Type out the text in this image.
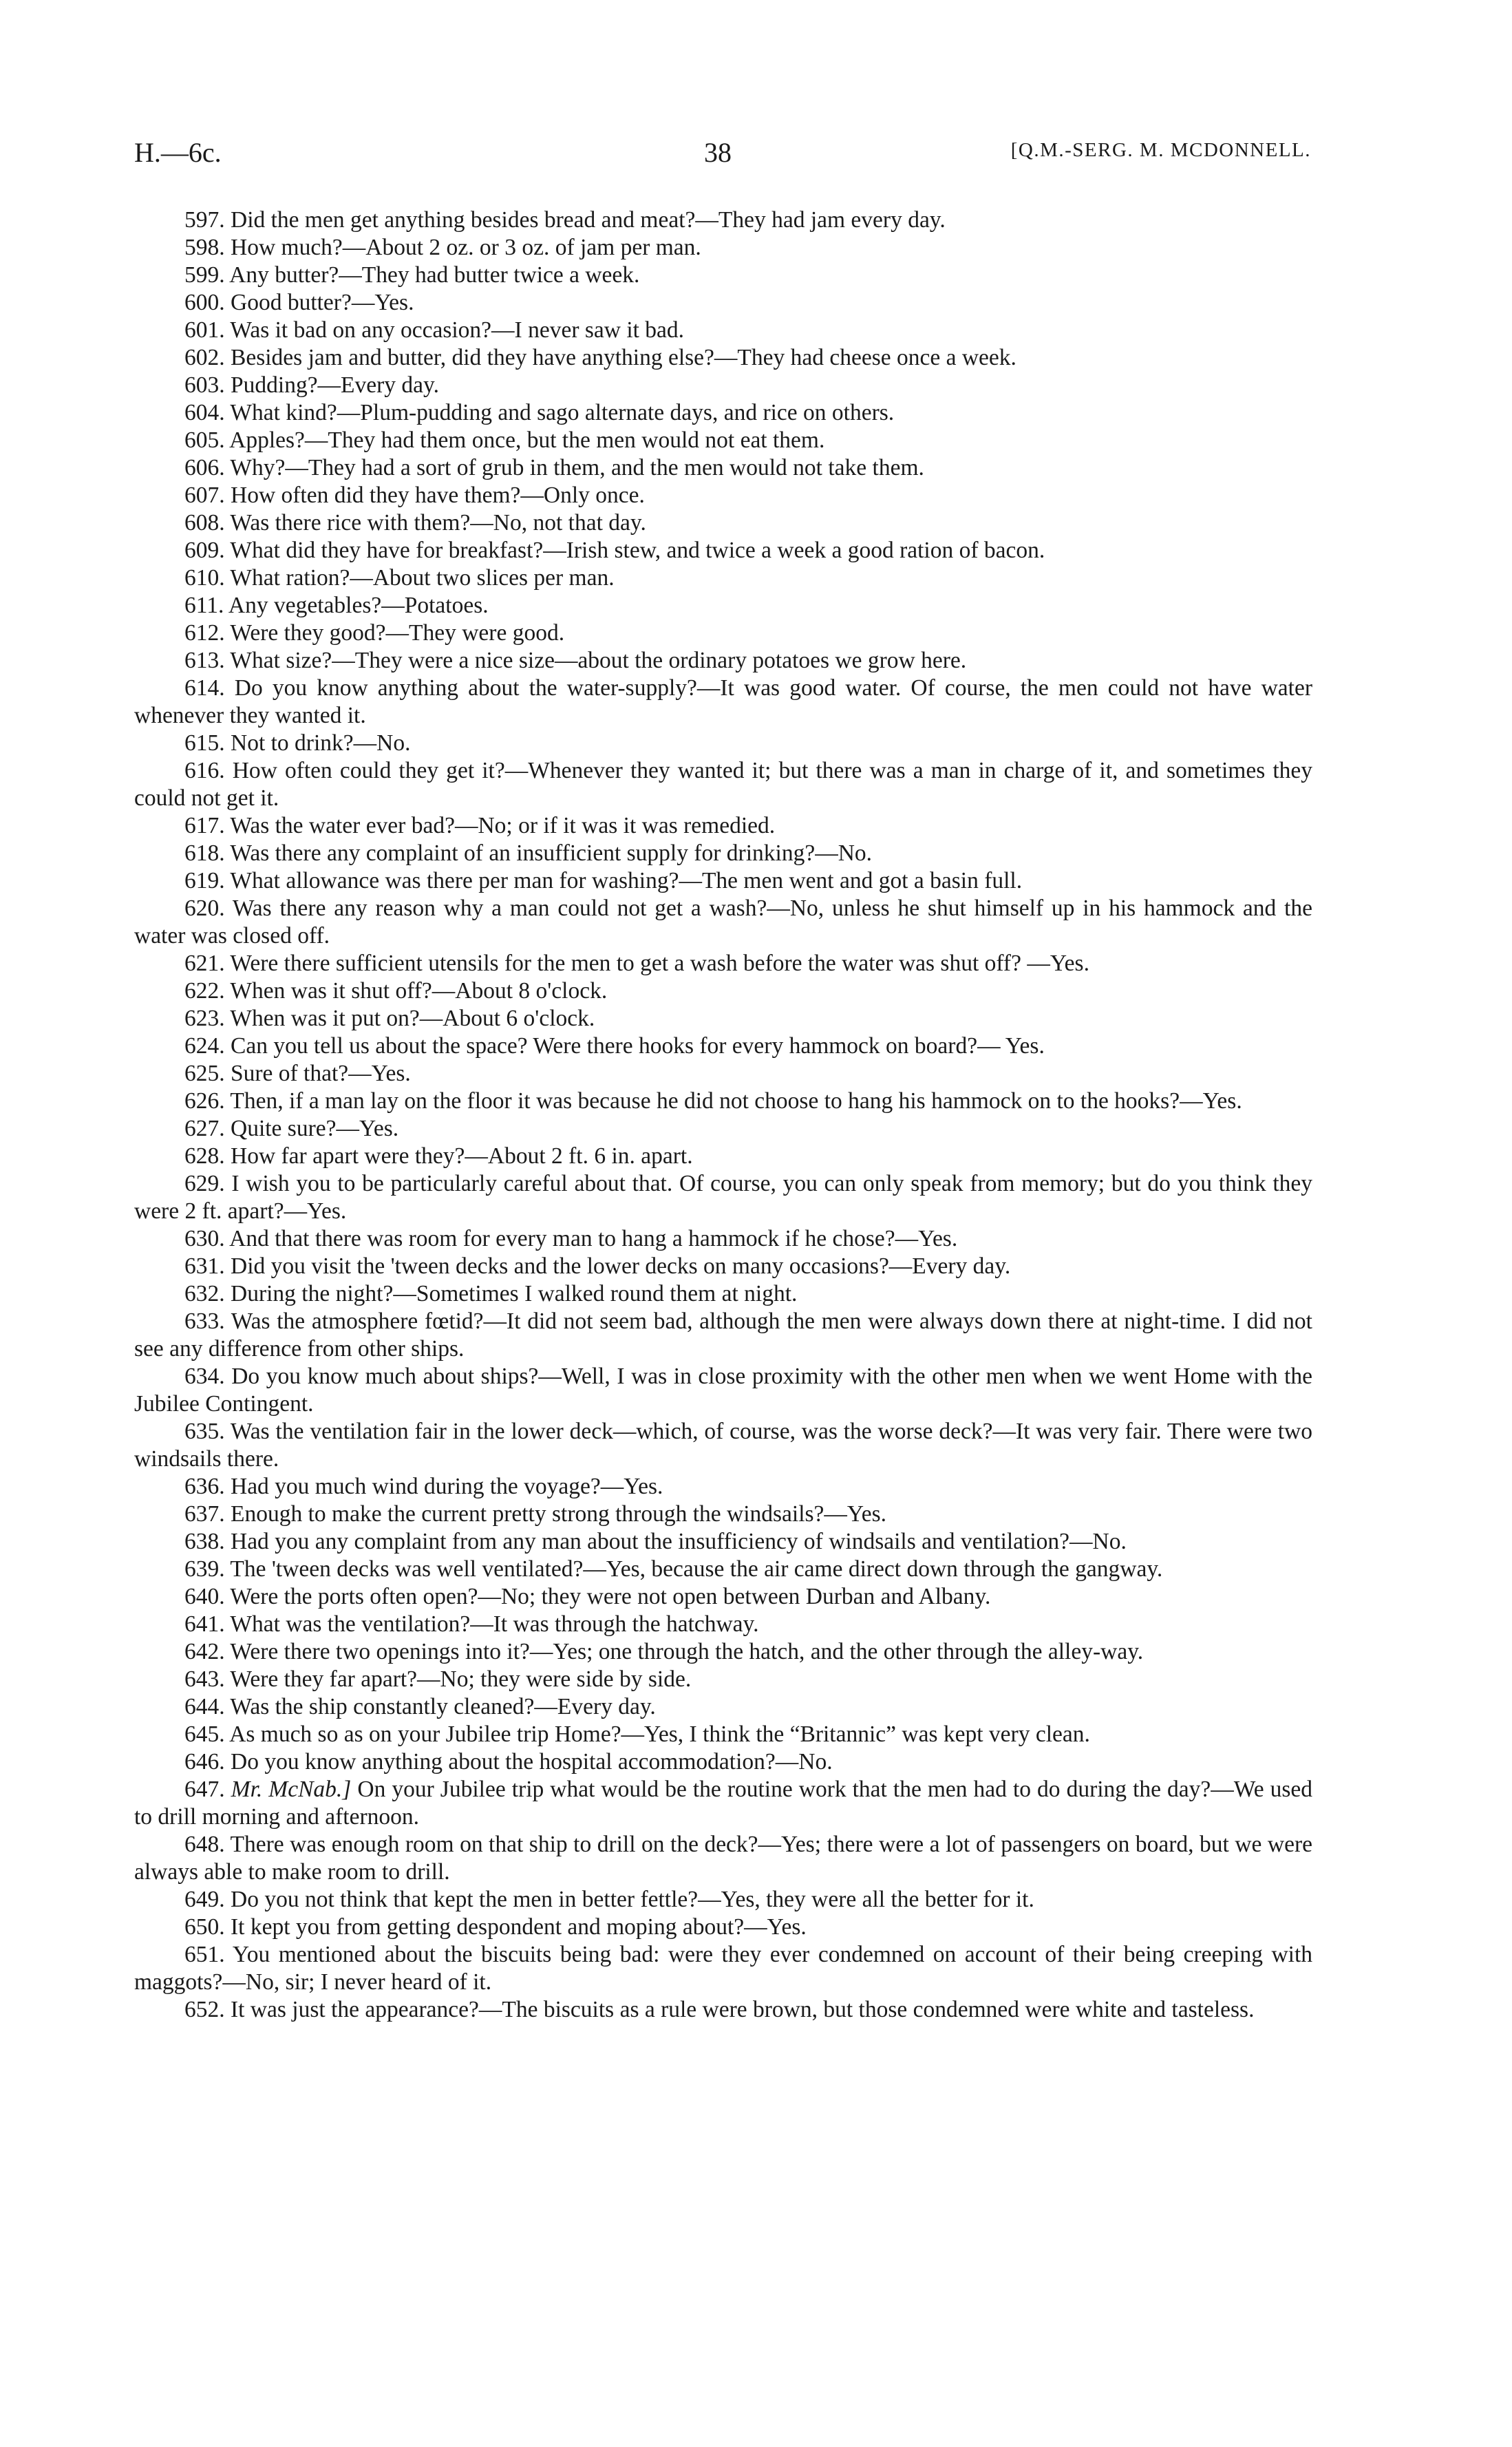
H.—6c.	38	[Q.M.-SERG. M. MCDONNELL.

597. Did the men get anything besides bread and meat?—They had jam every day.

598. How much?—About 2 oz. or 3 oz. of jam per man.

599. Any butter?—They had butter twice a week.

600. Good butter?—Yes.

601. Was it bad on any occasion?—I never saw it bad.

602. Besides jam and butter, did they have anything else?—They had cheese once a week.

603. Pudding?—Every day.

604. What kind?—Plum-pudding and sago alternate days, and rice on others.

605. Apples?—They had them once, but the men would not eat them.

606. Why?—They had a sort of grub in them, and the men would not take them.

607. How often did they have them?—Only once.

608. Was there rice with them?—No, not that day.

609. What did they have for breakfast?—Irish stew, and twice a week a good ration of bacon.

610. What ration?—About two slices per man.

611. Any vegetables?—Potatoes.

612. Were they good?—They were good.

613. What size?—They were a nice size—about the ordinary potatoes we grow here.

614. Do you know anything about the water-supply?—It was good water. Of course, the men could not have water whenever they wanted it.

615. Not to drink?—No.

616. How often could they get it?—Whenever they wanted it; but there was a man in charge of it, and sometimes they could not get it.

617. Was the water ever bad?—No; or if it was it was remedied.

618. Was there any complaint of an insufficient supply for drinking?—No.

619. What allowance was there per man for washing?—The men went and got a basin full.

620. Was there any reason why a man could not get a wash?—No, unless he shut himself up in his hammock and the water was closed off.

621. Were there sufficient utensils for the men to get a wash before the water was shut off? —Yes.

622. When was it shut off?—About 8 o'clock.

623. When was it put on?—About 6 o'clock.

624. Can you tell us about the space? Were there hooks for every hammock on board?— Yes.

625. Sure of that?—Yes.

626. Then, if a man lay on the floor it was because he did not choose to hang his hammock on to the hooks?—Yes.

627. Quite sure?—Yes.

628. How far apart were they?—About 2 ft. 6 in. apart.

629. I wish you to be particularly careful about that. Of course, you can only speak from memory; but do you think they were 2 ft. apart?—Yes.

630. And that there was room for every man to hang a hammock if he chose?—Yes.

631. Did you visit the 'tween decks and the lower decks on many occasions?—Every day.

632. During the night?—Sometimes I walked round them at night.

633. Was the atmosphere fœtid?—It did not seem bad, although the men were always down there at night-time. I did not see any difference from other ships.

634. Do you know much about ships?—Well, I was in close proximity with the other men when we went Home with the Jubilee Contingent.

635. Was the ventilation fair in the lower deck—which, of course, was the worse deck?—It was very fair. There were two windsails there.

636. Had you much wind during the voyage?—Yes.

637. Enough to make the current pretty strong through the windsails?—Yes.

638. Had you any complaint from any man about the insufficiency of windsails and ventilation?—No.

639. The 'tween decks was well ventilated?—Yes, because the air came direct down through the gangway.

640. Were the ports often open?—No; they were not open between Durban and Albany.

641. What was the ventilation?—It was through the hatchway.

642. Were there two openings into it?—Yes; one through the hatch, and the other through the alley-way.

643. Were they far apart?—No; they were side by side.

644. Was the ship constantly cleaned?—Every day.

645. As much so as on your Jubilee trip Home?—Yes, I think the “Britannic” was kept very clean.

646. Do you know anything about the hospital accommodation?—No.

647. Mr. McNab.] On your Jubilee trip what would be the routine work that the men had to do during the day?—We used to drill morning and afternoon.

648. There was enough room on that ship to drill on the deck?—Yes; there were a lot of passengers on board, but we were always able to make room to drill.

649. Do you not think that kept the men in better fettle?—Yes, they were all the better for it.

650. It kept you from getting despondent and moping about?—Yes.

651. You mentioned about the biscuits being bad: were they ever condemned on account of their being creeping with maggots?—No, sir; I never heard of it.

652. It was just the appearance?—The biscuits as a rule were brown, but those condemned were white and tasteless.
